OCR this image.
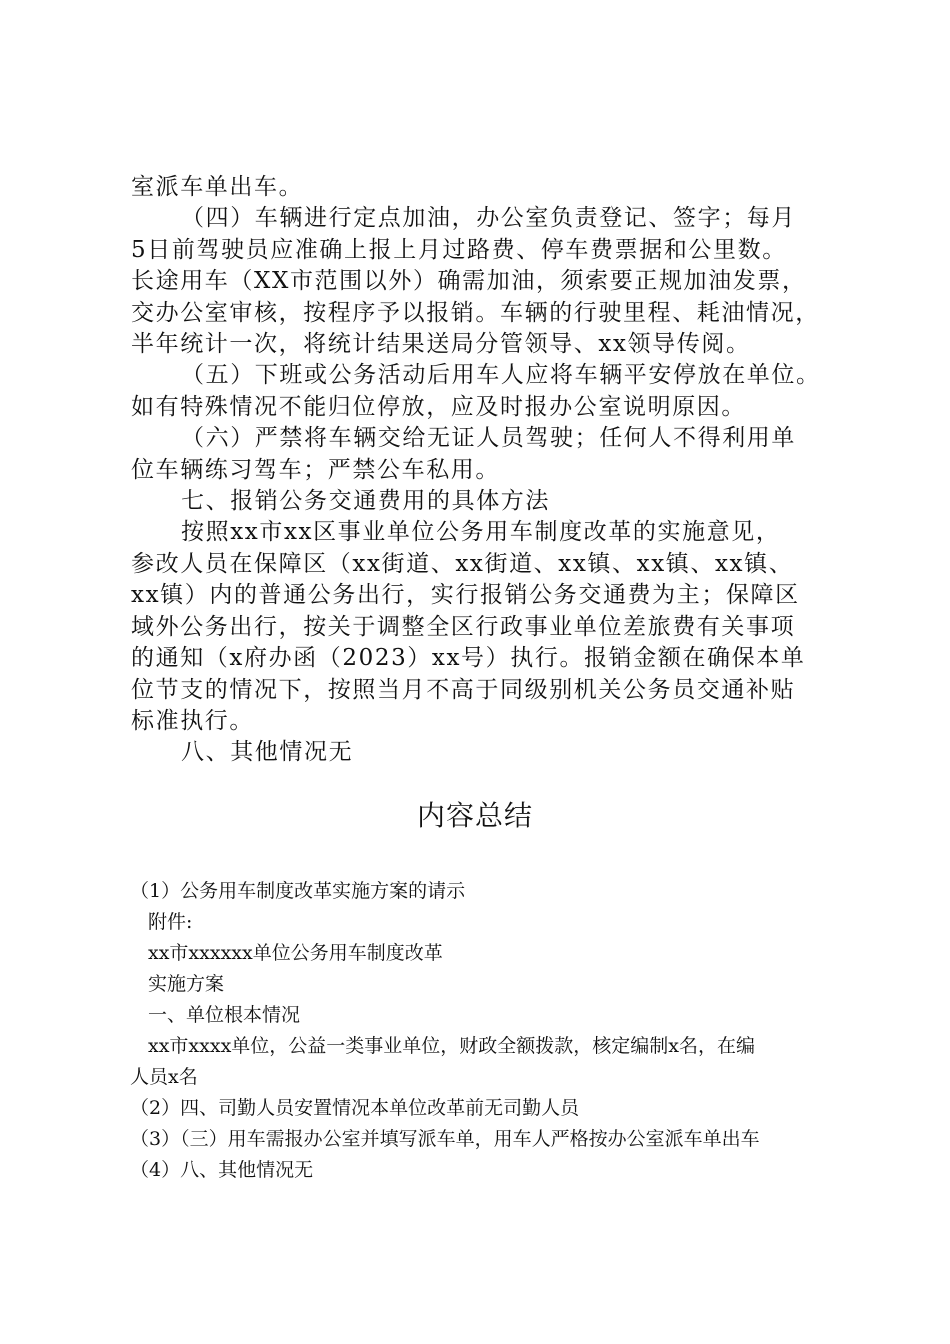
室派车单出车。

（四）车辆进行定点加油，办公室负责登记、签字；每月

5日前驾驶员应准确上报上月过路费、停车费票据和公里数。

长途用车（XX市范围以外）确需加油，须索要正规加油发票，

交办公室审核，按程序予以报销。车辆的行驶里程、耗油情况，

半年统计一次，将统计结果送局分管领导、xx领导传阅。

（五）下班或公务活动后用车人应将车辆平安停放在单位。

如有特殊情况不能归位停放，应及时报办公室说明原因。

（六）严禁将车辆交给无证人员驾驶；任何人不得利用单

位车辆练习驾车；严禁公车私用。

七、报销公务交通费用的具体方法

按照xx市xx区事业单位公务用车制度改革的实施意见，

参改人员在保障区（xx街道、xx街道、xx镇、xx镇、xx镇、

xx镇）内的普通公务出行，实行报销公务交通费为主；保障区

域外公务出行，按关于调整全区行政事业单位差旅费有关事项

的通知（x府办函（2023）xx号）执行。报销金额在确保本单

位节支的情况下，按照当月不高于同级别机关公务员交通补贴

标准执行。

八、其他情况无

内容总结

（1）公务用车制度改革实施方案的请示

附件:

xx市xxxxxx单位公务用车制度改革

实施方案

一、单位根本情况

xx市xxxx单位，公益一类事业单位，财政全额拨款，核定编制x名，在编

人员x名

（2）四、司勤人员安置情况本单位改革前无司勤人员

（3）（三）用车需报办公室并填写派车单，用车人严格按办公室派车单出车

（4）八、其他情况无
